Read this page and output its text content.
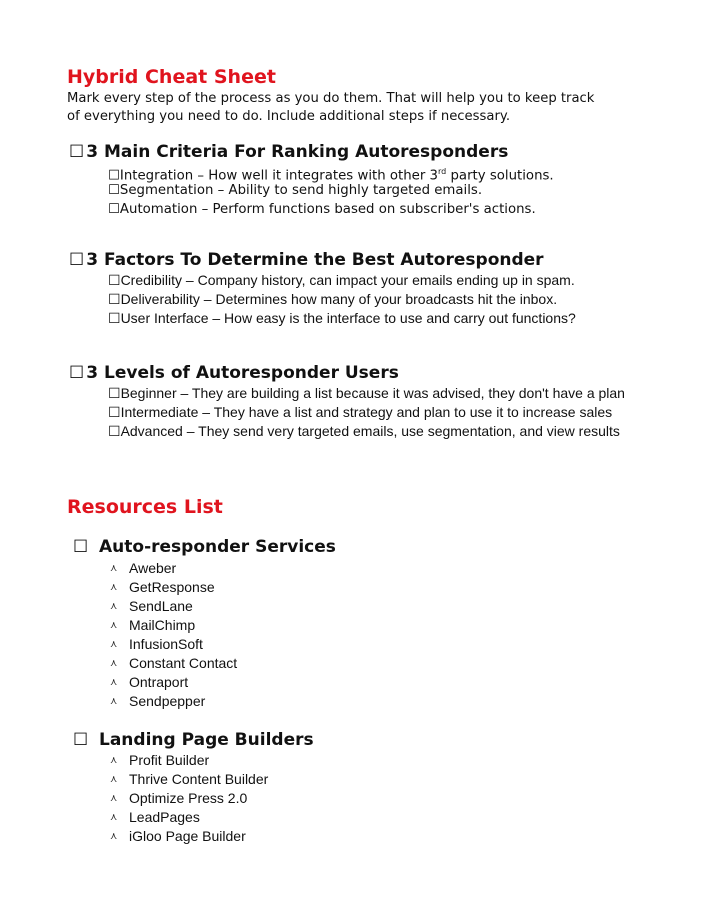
Hybrid Cheat Sheet
Mark every step of the process as you do them. That will help you to keep track
of everything you need to do. Include additional steps if necessary.
☐ 3 Main Criteria For Ranking Autoresponders
☐Integration – How well it integrates with other 3rd party solutions.
☐Segmentation – Ability to send highly targeted emails.
☐Automation – Perform functions based on subscriber's actions.
☐ 3 Factors To Determine the Best Autoresponder
☐Credibility – Company history, can impact your emails ending up in spam.
☐Deliverability – Determines how many of your broadcasts hit the inbox.
☐User Interface – How easy is the interface to use and carry out functions?
☐ 3 Levels of Autoresponder Users
☐Beginner – They are building a list because it was advised, they don't have a plan
☐Intermediate – They have a list and strategy and plan to use it to increase sales
☐Advanced – They send very targeted emails, use segmentation, and view results
Resources List
☐ Auto-responder Services
⋏ Aweber
⋏ GetResponse
⋏ SendLane
⋏ MailChimp
⋏ InfusionSoft
⋏ Constant Contact
⋏ Ontraport
⋏ Sendpepper
☐ Landing Page Builders
⋏ Profit Builder
⋏ Thrive Content Builder
⋏ Optimize Press 2.0
⋏ LeadPages
⋏ iGloo Page Builder
